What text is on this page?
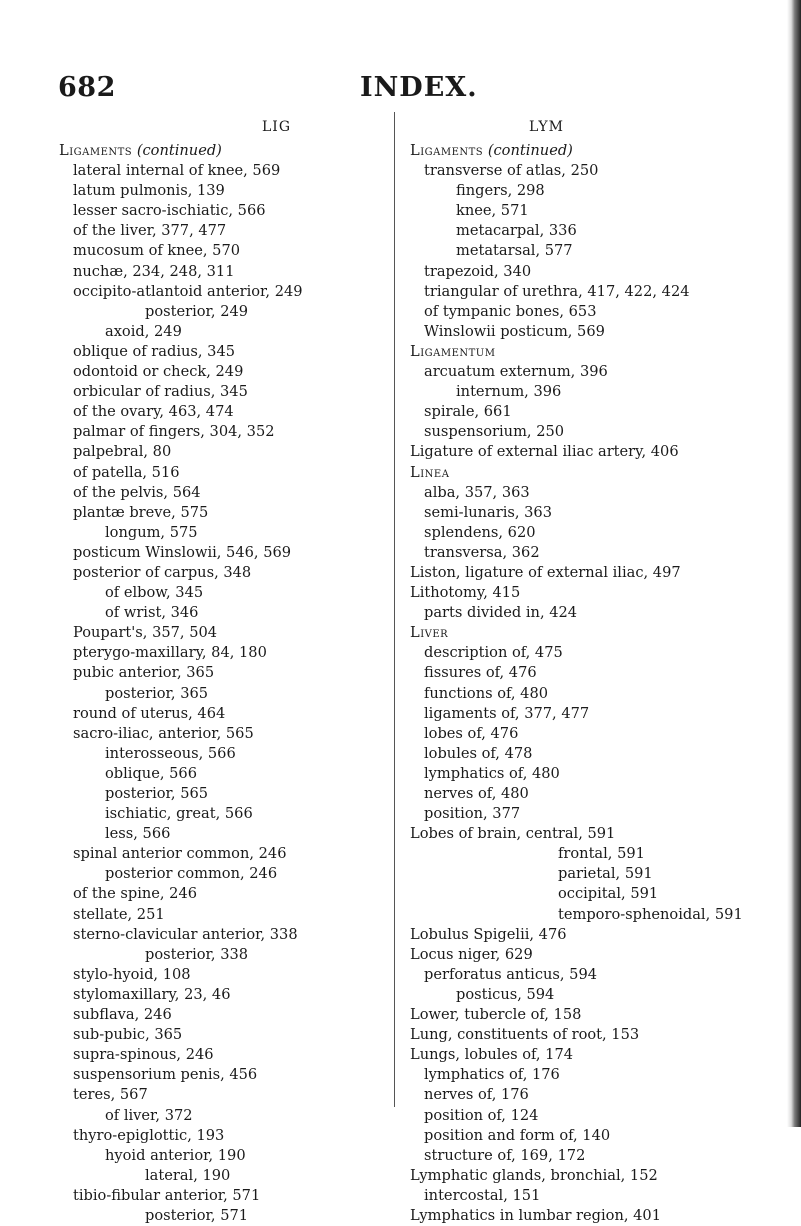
682	INDEX.
LIG	LYM
Ligaments (continued)
lateral internal of knee, 569
latum pulmonis, 139
lesser sacro-ischiatic, 566
of the liver, 377, 477
mucosum of knee, 570
nuchæ, 234, 248, 311
occipito-atlantoid anterior, 249
posterior, 249
axoid, 249
oblique of radius, 345
odontoid or check, 249
orbicular of radius, 345
of the ovary, 463, 474
palmar of fingers, 304, 352
palpebral, 80
of patella, 516
of the pelvis, 564
plantæ breve, 575
longum, 575
posticum Winslowii, 546, 569
posterior of carpus, 348
of elbow, 345
of wrist, 346
Poupart's, 357, 504
pterygo-maxillary, 84, 180
pubic anterior, 365
posterior, 365
round of uterus, 464
sacro-iliac, anterior, 565
interosseous, 566
oblique, 566
posterior, 565
ischiatic, great, 566
less, 566
spinal anterior common, 246
posterior common, 246
of the spine, 246
stellate, 251
sterno-clavicular anterior, 338
posterior, 338
stylo-hyoid, 108
stylomaxillary, 23, 46
subflava, 246
sub-pubic, 365
supra-spinous, 246
suspensorium penis, 456
teres, 567
of liver, 372
thyro-epiglottic, 193
hyoid anterior, 190
lateral, 190
tibio-fibular anterior, 571
posterior, 571
Ligaments (continued)
transverse of atlas, 250
fingers, 298
knee, 571
metacarpal, 336
metatarsal, 577
trapezoid, 340
triangular of urethra, 417, 422, 424
of tympanic bones, 653
Winslowii posticum, 569
Ligamentum
arcuatum externum, 396
internum, 396
spirale, 661
suspensorium, 250
Ligature of external iliac artery, 406
Linea
alba, 357, 363
semi-lunaris, 363
splendens, 620
transversa, 362
Liston, ligature of external iliac, 497
Lithotomy, 415
parts divided in, 424
Liver
description of, 475
fissures of, 476
functions of, 480
ligaments of, 377, 477
lobes of, 476
lobules of, 478
lymphatics of, 480
nerves of, 480
position, 377
Lobes of brain, central, 591
frontal, 591
parietal, 591
occipital, 591
temporo-sphenoidal, 591
Lobulus Spigelii, 476
Locus niger, 629
perforatus anticus, 594
posticus, 594
Lower, tubercle of, 158
Lung, constituents of root, 153
Lungs, lobules of, 174
lymphatics of, 176
nerves of, 176
position of, 124
position and form of, 140
structure of, 169, 172
Lymphatic glands, bronchial, 152
intercostal, 151
Lymphatics in lumbar region, 401
